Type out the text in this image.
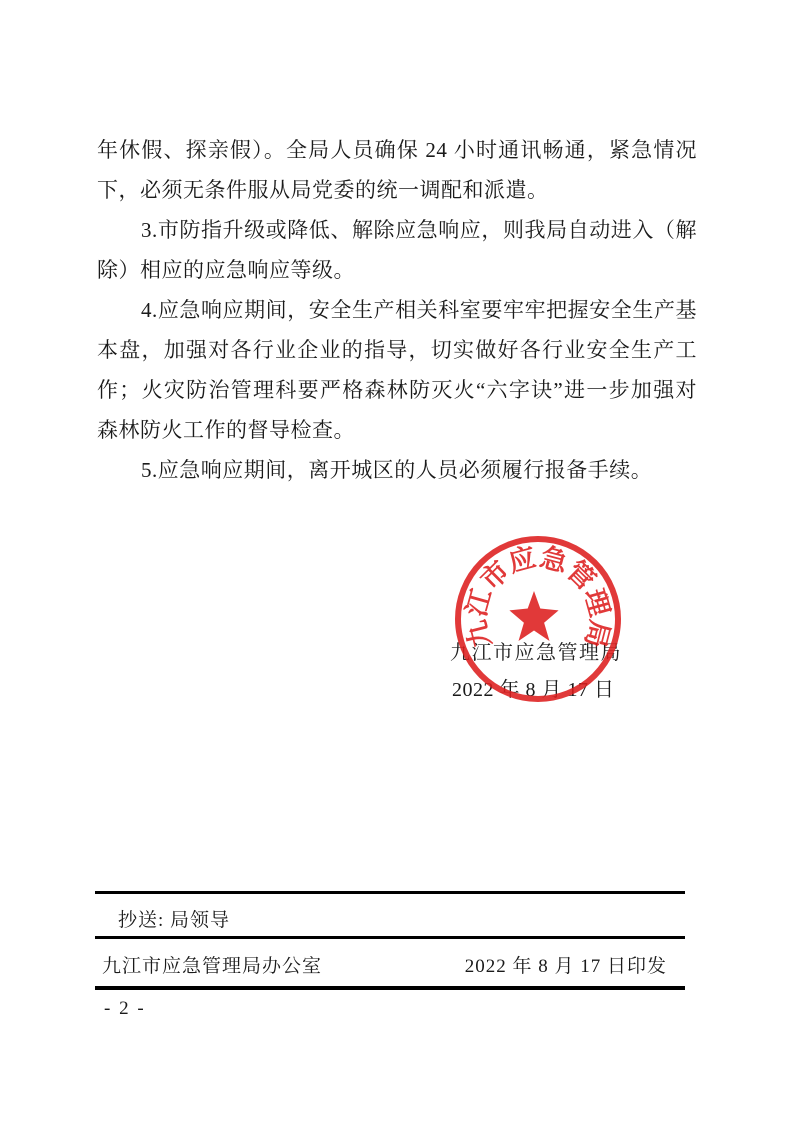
年休假、探亲假）。全局人员确保 24 小时通讯畅通，紧急情况下，必须无条件服从局党委的统一调配和派遣。

3.市防指升级或降低、解除应急响应，则我局自动进入（解除）相应的应急响应等级。

4.应急响应期间，安全生产相关科室要牢牢把握安全生产基本盘，加强对各行业企业的指导，切实做好各行业安全生产工作；火灾防治管理科要严格森林防灭火“六字诀”进一步加强对森林防火工作的督导检查。

5.应急响应期间，离开城区的人员必须履行报备手续。

九江市应急管理局
2022 年 8 月 17 日
九江市应急管理局
抄送: 局领导
九江市应急管理局办公室	2022 年 8 月 17 日印发
- 2 -
